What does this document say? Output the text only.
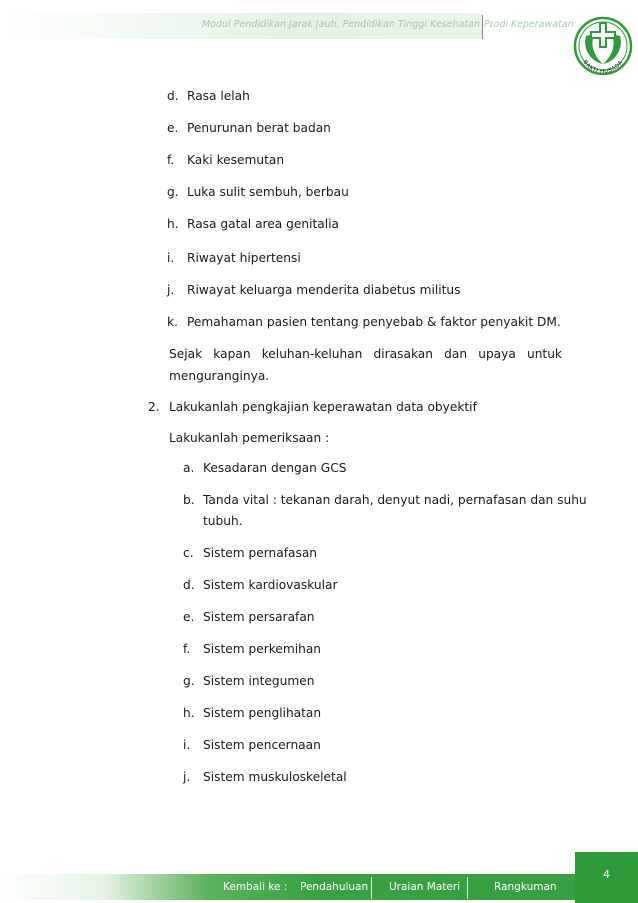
Modul Pendidikan Jarak Jauh, Pendidikan Tinggi Kesehatan Prodi Keperawatan
BAKTI HUSADA
d. Rasa lelah
e. Penurunan berat badan
f. Kaki kesemutan
g. Luka sulit sembuh, berbau
h. Rasa gatal area genitalia
i. Riwayat hipertensi
j. Riwayat keluarga menderita diabetus militus
k. Pemahaman pasien tentang penyebab & faktor penyakit DM.
Sejak kapan keluhan-keluhan dirasakan dan upaya untuk
menguranginya.
2. Lakukanlah pengkajian keperawatan data obyektif
Lakukanlah pemeriksaan :
a. Kesadaran dengan GCS
b. Tanda vital : tekanan darah, denyut nadi, pernafasan dan suhu
tubuh.
c. Sistem pernafasan
d. Sistem kardiovaskular
e. Sistem persarafan
f. Sistem perkemihan
g. Sistem integumen
h. Sistem penglihatan
i. Sistem pencernaan
j. Sistem muskuloskeletal
4
Kembali ke : Pendahuluan Uraian Materi	Rangkuman
